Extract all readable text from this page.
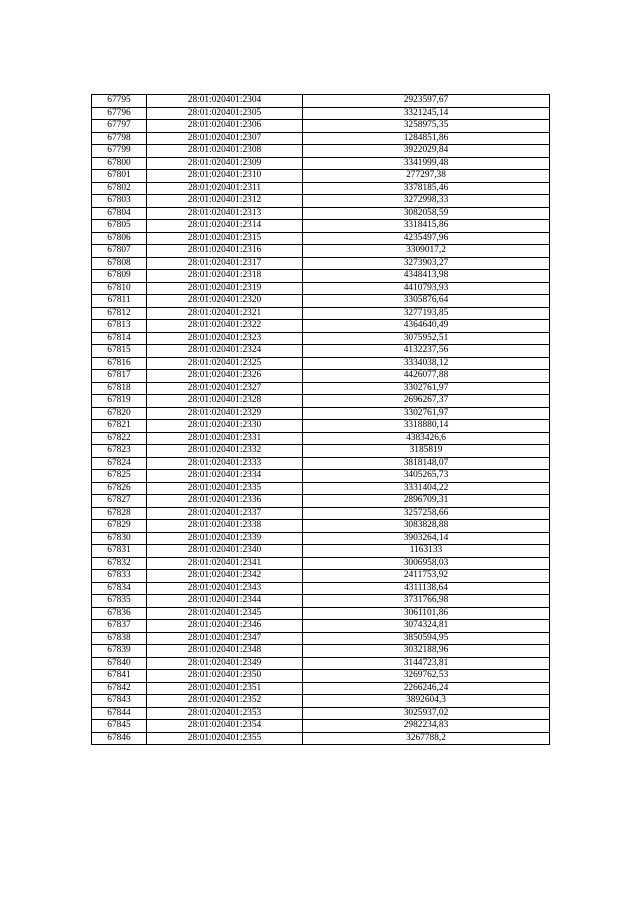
67795	28:01:020401:2304	2923597,67
67796	28:01:020401:2305	3321245,14
67797	28:01:020401:2306	3258975,35
67798	28:01:020401:2307	1284851,86
67799	28:01:020401:2308	3922029,84
67800	28:01:020401:2309	3341999,48
67801	28:01:020401:2310	277297,38
67802	28:01:020401:2311	3378185,46
67803	28:01:020401:2312	3272998,33
67804	28:01:020401:2313	3082058,59
67805	28:01:020401:2314	3318415,86
67806	28:01:020401:2315	4235497,96
67807	28:01:020401:2316	3309017,2
67808	28:01:020401:2317	3273903,27
67809	28:01:020401:2318	4348413,98
67810	28:01:020401:2319	4410793,93
67811	28:01:020401:2320	3305876,64
67812	28:01:020401:2321	3277193,85
67813	28:01:020401:2322	4364640,49
67814	28:01:020401:2323	3075952,51
67815	28:01:020401:2324	4132237,56
67816	28:01:020401:2325	3334038,12
67817	28:01:020401:2326	4426077,88
67818	28:01:020401:2327	3302761,97
67819	28:01:020401:2328	2696267,37
67820	28:01:020401:2329	3302761,97
67821	28:01:020401:2330	3318880,14
67822	28:01:020401:2331	4383426,6
67823	28:01:020401:2332	3185819
67824	28:01:020401:2333	3818148,07
67825	28:01:020401:2334	3405265,73
67826	28:01:020401:2335	3331404,22
67827	28:01:020401:2336	2896709,31
67828	28:01:020401:2337	3257258,66
67829	28:01:020401:2338	3083828,88
67830	28:01:020401:2339	3903264,14
67831	28:01:020401:2340	1163133
67832	28:01:020401:2341	3006958,03
67833	28:01:020401:2342	2411753,92
67834	28:01:020401:2343	4311138,64
67835	28:01:020401:2344	3731766,98
67836	28:01:020401:2345	3061101,86
67837	28:01:020401:2346	3074324,81
67838	28:01:020401:2347	3850594,95
67839	28:01:020401:2348	3032188,96
67840	28:01:020401:2349	3144723,81
67841	28:01:020401:2350	3269762,53
67842	28:01:020401:2351	2266246,24
67843	28:01:020401:2352	3892604,3
67844	28:01:020401:2353	3025937,02
67845	28:01:020401:2354	2982234,83
67846	28:01:020401:2355	3267788,2
